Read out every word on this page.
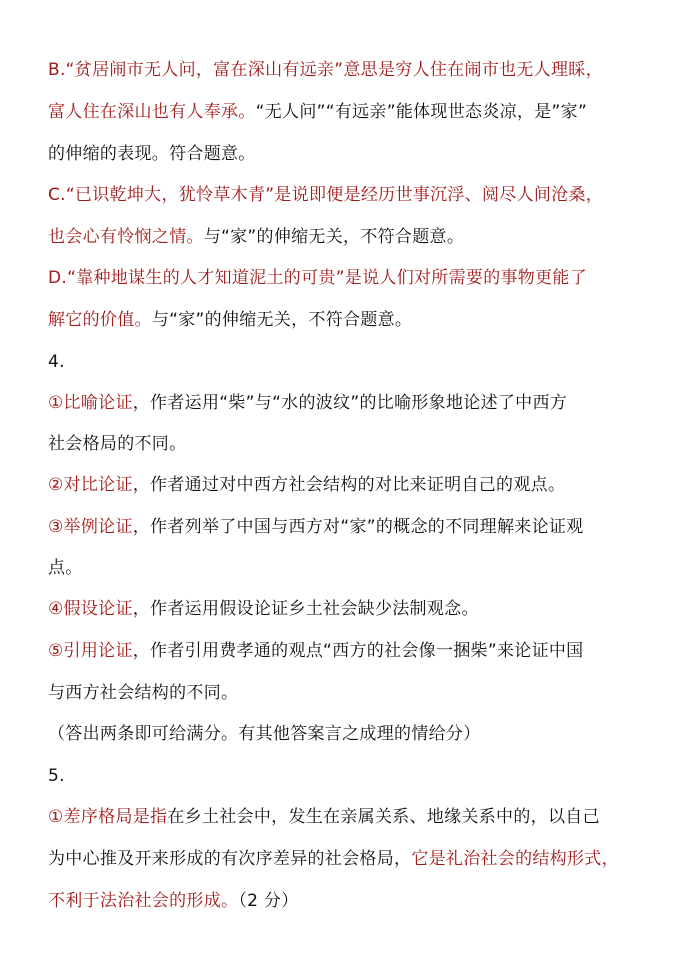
B.“贫居闹市无人问，富在深山有远亲”意思是穷人住在闹市也无人理睬，
富人住在深山也有人奉承。“无人问”“有远亲”能体现世态炎凉，是”家”
的伸缩的表现。符合题意。
C.“已识乾坤大，犹怜草木青”是说即便是经历世事沉浮、阅尽人间沧桑，
也会心有怜悯之情。与“家”的伸缩无关，不符合题意。
D.“靠种地谋生的人才知道泥土的可贵”是说人们对所需要的事物更能了
解它的价值。与“家”的伸缩无关，不符合题意。
4.
①比喻论证，作者运用“柴”与“水的波纹”的比喻形象地论述了中西方
社会格局的不同。
②对比论证，作者通过对中西方社会结构的对比来证明自己的观点。
③举例论证，作者列举了中国与西方对“家”的概念的不同理解来论证观
点。
④假设论证，作者运用假设论证乡土社会缺少法制观念。
⑤引用论证，作者引用费孝通的观点“西方的社会像一捆柴”来论证中国
与西方社会结构的不同。
（答出两条即可给满分。有其他答案言之成理的情给分）
5.
①差序格局是指在乡土社会中，发生在亲属关系、地缘关系中的，以自己
为中心推及开来形成的有次序差异的社会格局，它是礼治社会的结构形式，
不利于法治社会的形成。（2 分）
